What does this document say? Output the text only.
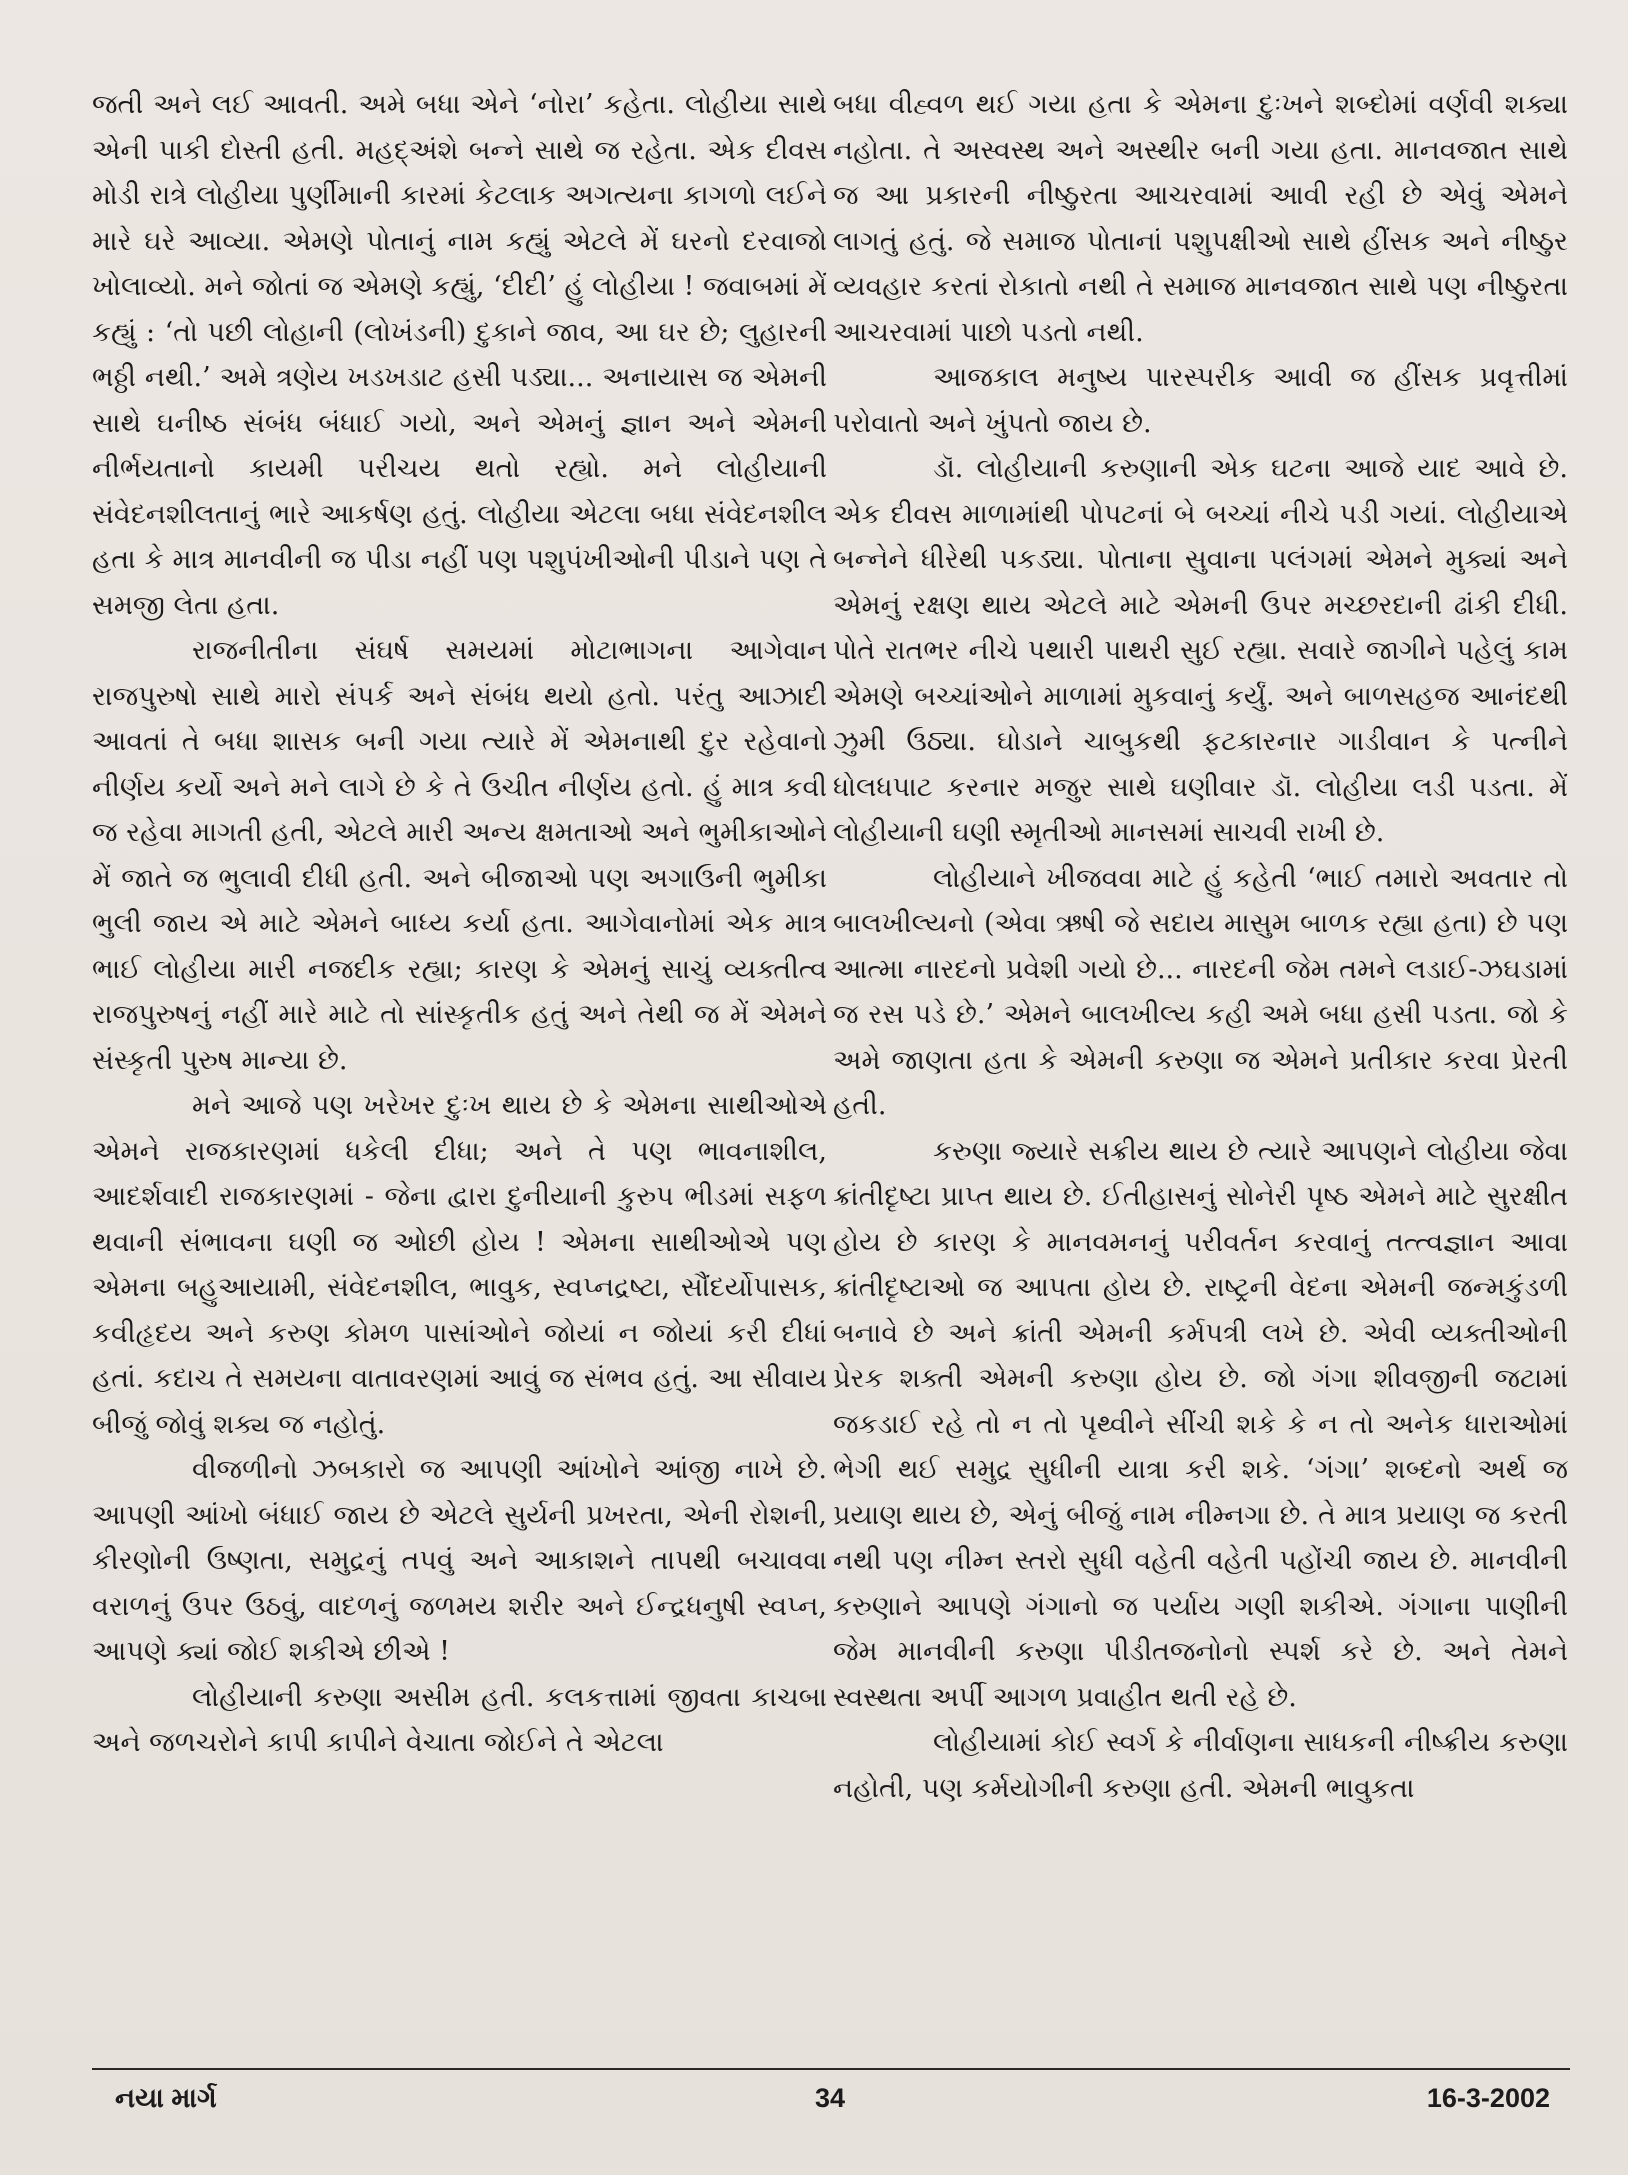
જતી અને લઈ આવતી. અમે બધા એને ‘નોરા’ કહેતા. લોહીયા સાથે એની પાકી દોસ્તી હતી. મહદ્અંશે બન્ને સાથે જ રહેતા. એક દીવસ મોડી રાત્રે લોહીયા પુર્ણીમાની કારમાં કેટલાક અગત્યના કાગળો લઈને મારે ઘરે આવ્યા. એમણે પોતાનું નામ કહ્યું એટલે મેં ઘરનો દરવાજો ખોલાવ્યો. મને જોતાં જ એમણે કહ્યું, ‘દીદી’ હું લોહીયા ! જવાબમાં મેં કહ્યું : ‘તો પછી લોહાની (લોખંડની) દુકાને જાવ, આ ઘર છે; લુહારની ભઠ્ઠી નથી.’ અમે ત્રણેય ખડખડાટ હસી પડ્યા... અનાયાસ જ એમની સાથે ઘનીષ્ઠ સંબંધ બંધાઈ ગયો, અને એમનું જ્ઞાન અને એમની નીર્ભયતાનો કાયમી પરીચય થતો રહ્યો. મને લોહીયાની સંવેદનશીલતાનું ભારે આકર્ષણ હતું. લોહીયા એટલા બધા સંવેદનશીલ હતા કે માત્ર માનવીની જ પીડા નહીં પણ પશુપંખીઓની પીડાને પણ તે સમજી લેતા હતા.

રાજનીતીના સંઘર્ષ સમયમાં મોટાભાગના આગેવાન રાજપુરુષો સાથે મારો સંપર્ક અને સંબંધ થયો હતો. પરંતુ આઝાદી આવતાં તે બધા શાસક બની ગયા ત્યારે મેં એમનાથી દુર રહેવાનો નીર્ણય કર્યો અને મને લાગે છે કે તે ઉચીત નીર્ણય હતો. હું માત્ર કવી જ રહેવા માગતી હતી, એટલે મારી અન્ય ક્ષમતાઓ અને ભુમીકાઓને મેં જાતે જ ભુલાવી દીધી હતી. અને બીજાઓ પણ અગાઉની ભુમીકા ભુલી જાય એ માટે એમને બાધ્ય કર્યા હતા. આગેવાનોમાં એક માત્ર ભાઈ લોહીયા મારી નજદીક રહ્યા; કારણ કે એમનું સાચું વ્યક્તીત્વ રાજપુરુષનું નહીં મારે માટે તો સાંસ્કૃતીક હતું અને તેથી જ મેં એમને સંસ્કૃતી પુરુષ માન્યા છે.

મને આજે પણ ખરેખર દુઃખ થાય છે કે એમના સાથીઓએ એમને રાજકારણમાં ધકેલી દીધા; અને તે પણ ભાવનાશીલ, આદર્શવાદી રાજકારણમાં - જેના દ્વારા દુનીયાની કુરુપ ભીડમાં સફળ થવાની સંભાવના ઘણી જ ઓછી હોય ! એમના સાથીઓએ પણ એમના બહુઆયામી, સંવેદનશીલ, ભાવુક, સ્વપ્નદ્રષ્ટા, સૌંદર્યોપાસક, કવીહૃદય અને કરુણ કોમળ પાસાંઓને જોયાં ન જોયાં કરી દીધાં હતાં. કદાચ તે સમયના વાતાવરણમાં આવું જ સંભવ હતું. આ સીવાય બીજું જોવું શક્ય જ નહોતું.

વીજળીનો ઝબકારો જ આપણી આંખોને આંજી નાખે છે. આપણી આંખો બંધાઈ જાય છે એટલે સુર્યની પ્રખરતા, એની રોશની, કીરણોની ઉષ્ણતા, સમુદ્રનું તપવું અને આકાશને તાપથી બચાવવા વરાળનું ઉપર ઉઠવું, વાદળનું જળમય શરીર અને ઈન્દ્રધનુષી સ્વપ્ન, આપણે ક્યાં જોઈ શકીએ છીએ !

લોહીયાની કરુણા અસીમ હતી. કલકત્તામાં જીવતા કાચબા અને જળચરોને કાપી કાપીને વેચાતા જોઈને તે એટલા

બધા વીહ્વળ થઈ ગયા હતા કે એમના દુઃખને શબ્દોમાં વર્ણવી શક્યા નહોતા. તે અસ્વસ્થ અને અસ્થીર બની ગયા હતા. માનવજાત સાથે જ આ પ્રકારની નીષ્ઠુરતા આચરવામાં આવી રહી છે એવું એમને લાગતું હતું. જે સમાજ પોતાનાં પશુપક્ષીઓ સાથે હીંસક અને નીષ્ઠુર વ્યવહાર કરતાં રોકાતો નથી તે સમાજ માનવજાત સાથે પણ નીષ્ઠુરતા આચરવામાં પાછો પડતો નથી.

આજકાલ મનુષ્ય પારસ્પરીક આવી જ હીંસક પ્રવૃત્તીમાં પરોવાતો અને ખુંપતો જાય છે.

ડૉ. લોહીયાની કરુણાની એક ઘટના આજે યાદ આવે છે. એક દીવસ માળામાંથી પોપટનાં બે બચ્ચાં નીચે પડી ગયાં. લોહીયાએ બન્નેને ધીરેથી પકડ્યા. પોતાના સુવાના પલંગમાં એમને મુક્યાં અને એમનું રક્ષણ થાય એટલે માટે એમની ઉપર મચ્છરદાની ઢાંકી દીધી. પોતે રાતભર નીચે પથારી પાથરી સુઈ રહ્યા. સવારે જાગીને પહેલું કામ એમણે બચ્ચાંઓને માળામાં મુકવાનું કર્યું. અને બાળસહજ આનંદથી ઝુમી ઉઠ્યા. ઘોડાને ચાબુકથી ફટકારનાર ગાડીવાન કે પત્નીને ધોલધપાટ કરનાર મજુર સાથે ઘણીવાર ડૉ. લોહીયા લડી પડતા. મેં લોહીયાની ઘણી સ્મૃતીઓ માનસમાં સાચવી રાખી છે.

લોહીયાને ખીજવવા માટે હું કહેતી ‘ભાઈ તમારો અવતાર તો બાલખીલ્યનો (એવા ઋષી જે સદાય માસુમ બાળક રહ્યા હતા) છે પણ આત્મા નારદનો પ્રવેશી ગયો છે... નારદની જેમ તમને લડાઈ-ઝઘડામાં જ રસ પડે છે.’ એમને બાલખીલ્ય કહી અમે બધા હસી પડતા. જો કે અમે જાણતા હતા કે એમની કરુણા જ એમને પ્રતીકાર કરવા પ્રેરતી હતી.

કરુણા જ્યારે સક્રીય થાય છે ત્યારે આપણને લોહીયા જેવા ક્રાંતીદૃષ્ટા પ્રાપ્ત થાય છે. ઈતીહાસનું સોનેરી પૃષ્ઠ એમને માટે સુરક્ષીત હોય છે કારણ કે માનવમનનું પરીવર્તન કરવાનું તત્ત્વજ્ઞાન આવા ક્રાંતીદૃષ્ટાઓ જ આપતા હોય છે. રાષ્ટ્રની વેદના એમની જન્મકુંડળી બનાવે છે અને ક્રાંતી એમની કર્મપત્રી લખે છે. એવી વ્યક્તીઓની પ્રેરક શક્તી એમની કરુણા હોય છે. જો ગંગા શીવજીની જટામાં જકડાઈ રહે તો ન તો પૃથ્વીને સીંચી શકે કે ન તો અનેક ધારાઓમાં ભેગી થઈ સમુદ્ર સુધીની યાત્રા કરી શકે. ‘ગંગા’ શબ્દનો અર્થ જ પ્રયાણ થાય છે, એનું બીજું નામ નીમ્નગા છે. તે માત્ર પ્રયાણ જ કરતી નથી પણ નીમ્ન સ્તરો સુધી વહેતી વહેતી પહોંચી જાય છે. માનવીની કરુણાને આપણે ગંગાનો જ પર્યાય ગણી શકીએ. ગંગાના પાણીની જેમ માનવીની કરુણા પીડીતજનોનો સ્પર્શ કરે છે. અને તેમને સ્વસ્થતા અર્પી આગળ પ્રવાહીત થતી રહે છે.

લોહીયામાં કોઈ સ્વર્ગ કે નીર્વાણના સાધકની નીષ્ક્રીય કરુણા નહોતી, પણ કર્મયોગીની કરુણા હતી. એમની ભાવુકતા

નયા માર્ગ	34	16-3-2002
